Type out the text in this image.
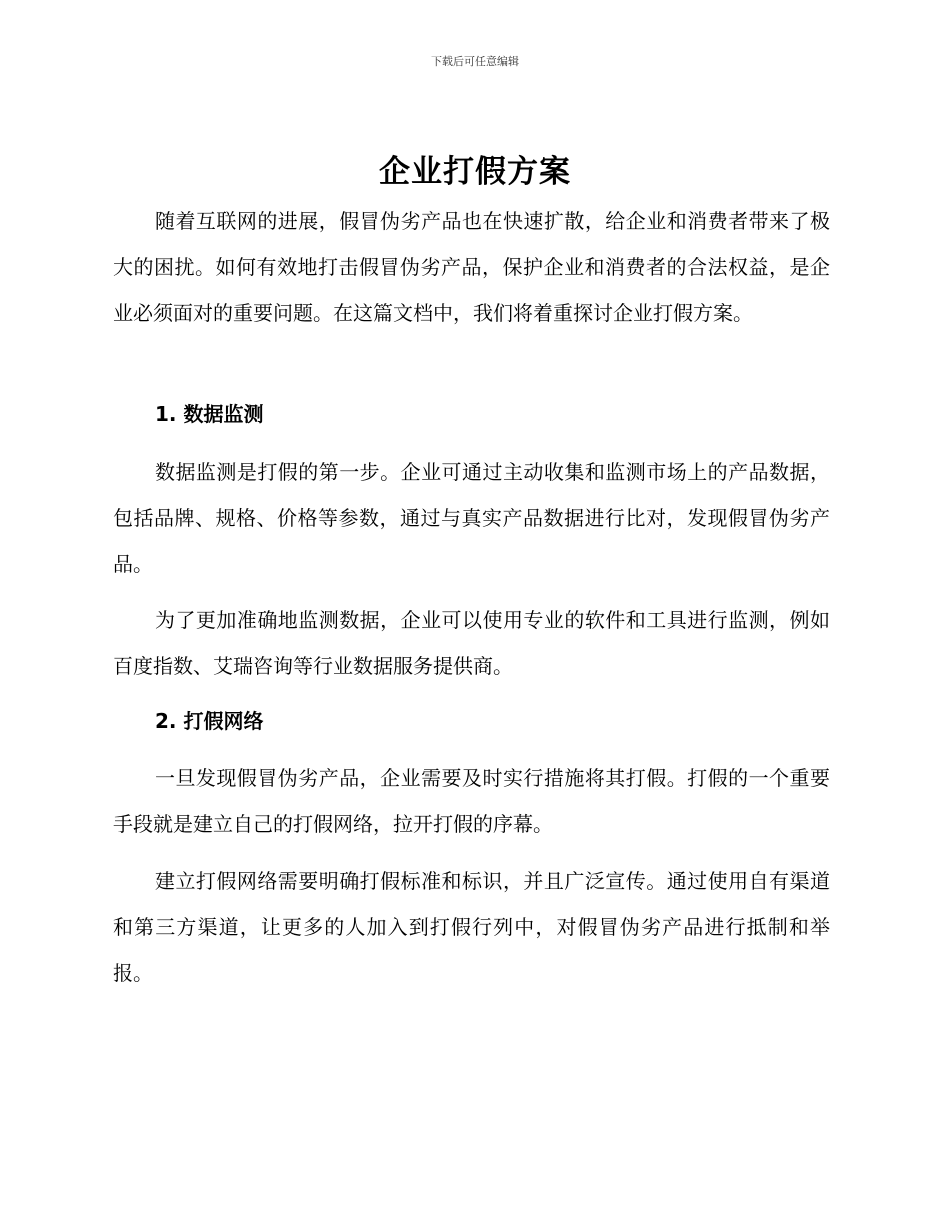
下载后可任意编辑
企业打假方案

随着互联网的进展，假冒伪劣产品也在快速扩散，给企业和消费者带来了极大的困扰。如何有效地打击假冒伪劣产品，保护企业和消费者的合法权益，是企业必须面对的重要问题。在这篇文档中，我们将着重探讨企业打假方案。

1. 数据监测

数据监测是打假的第一步。企业可通过主动收集和监测市场上的产品数据，包括品牌、规格、价格等参数，通过与真实产品数据进行比对，发现假冒伪劣产品。

为了更加准确地监测数据，企业可以使用专业的软件和工具进行监测，例如百度指数、艾瑞咨询等行业数据服务提供商。

2. 打假网络

一旦发现假冒伪劣产品，企业需要及时实行措施将其打假。打假的一个重要手段就是建立自己的打假网络，拉开打假的序幕。

建立打假网络需要明确打假标准和标识，并且广泛宣传。通过使用自有渠道和第三方渠道，让更多的人加入到打假行列中，对假冒伪劣产品进行抵制和举报。
